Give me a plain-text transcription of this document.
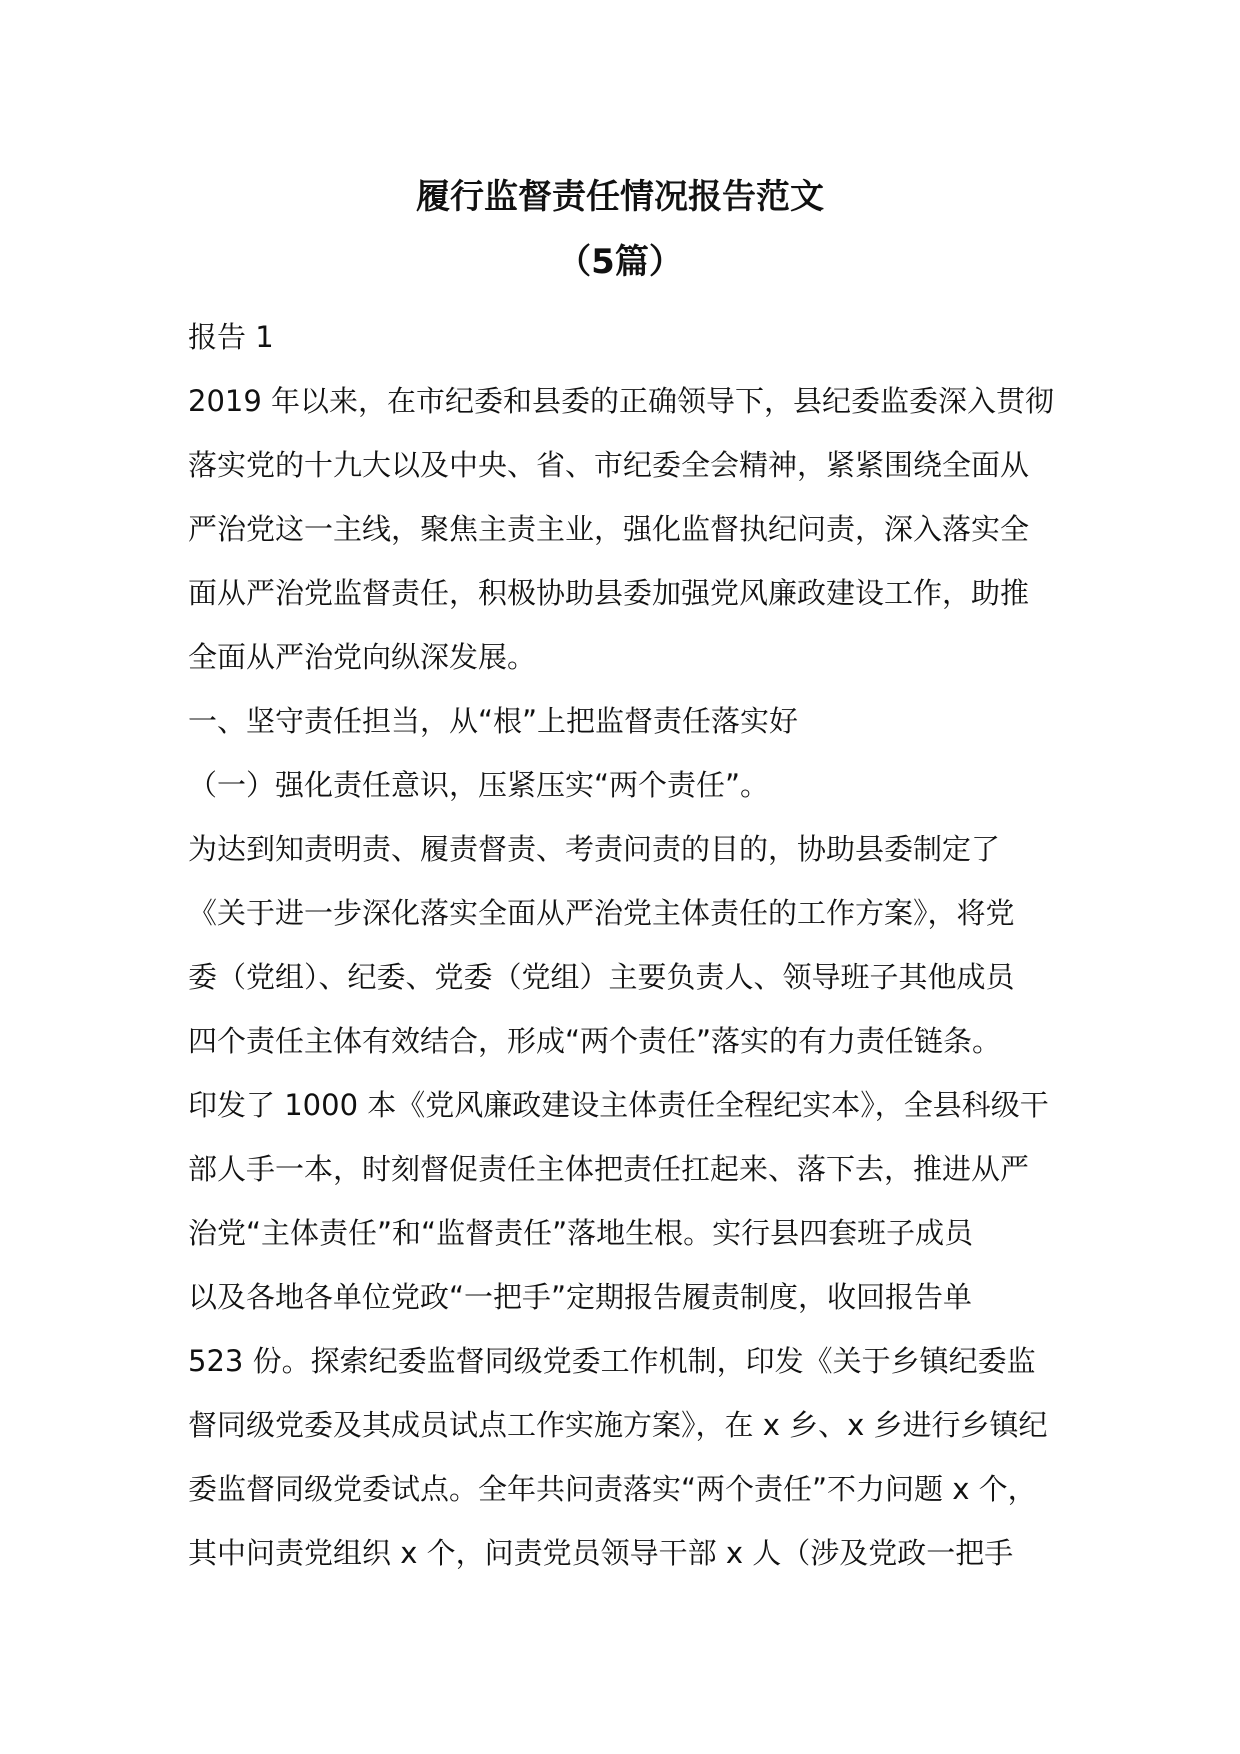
履行监督责任情况报告范文
（5篇）
报告 1
2019 年以来，在市纪委和县委的正确领导下，县纪委监委深入贯彻
落实党的十九大以及中央、省、市纪委全会精神，紧紧围绕全面从
严治党这一主线，聚焦主责主业，强化监督执纪问责，深入落实全
面从严治党监督责任，积极协助县委加强党风廉政建设工作，助推
全面从严治党向纵深发展。
一、坚守责任担当，从“根”上把监督责任落实好
（一）强化责任意识，压紧压实“两个责任”。
为达到知责明责、履责督责、考责问责的目的，协助县委制定了
《关于进一步深化落实全面从严治党主体责任的工作方案》，将党
委（党组）、纪委、党委（党组）主要负责人、领导班子其他成员
四个责任主体有效结合，形成“两个责任”落实的有力责任链条。
印发了 1000 本《党风廉政建设主体责任全程纪实本》，全县科级干
部人手一本，时刻督促责任主体把责任扛起来、落下去，推进从严
治党“主体责任”和“监督责任”落地生根。实行县四套班子成员
以及各地各单位党政“一把手”定期报告履责制度，收回报告单
523 份。探索纪委监督同级党委工作机制，印发《关于乡镇纪委监
督同级党委及其成员试点工作实施方案》，在 x 乡、x 乡进行乡镇纪
委监督同级党委试点。全年共问责落实“两个责任”不力问题 x 个，
其中问责党组织 x 个，问责党员领导干部 x 人（涉及党政一把手
